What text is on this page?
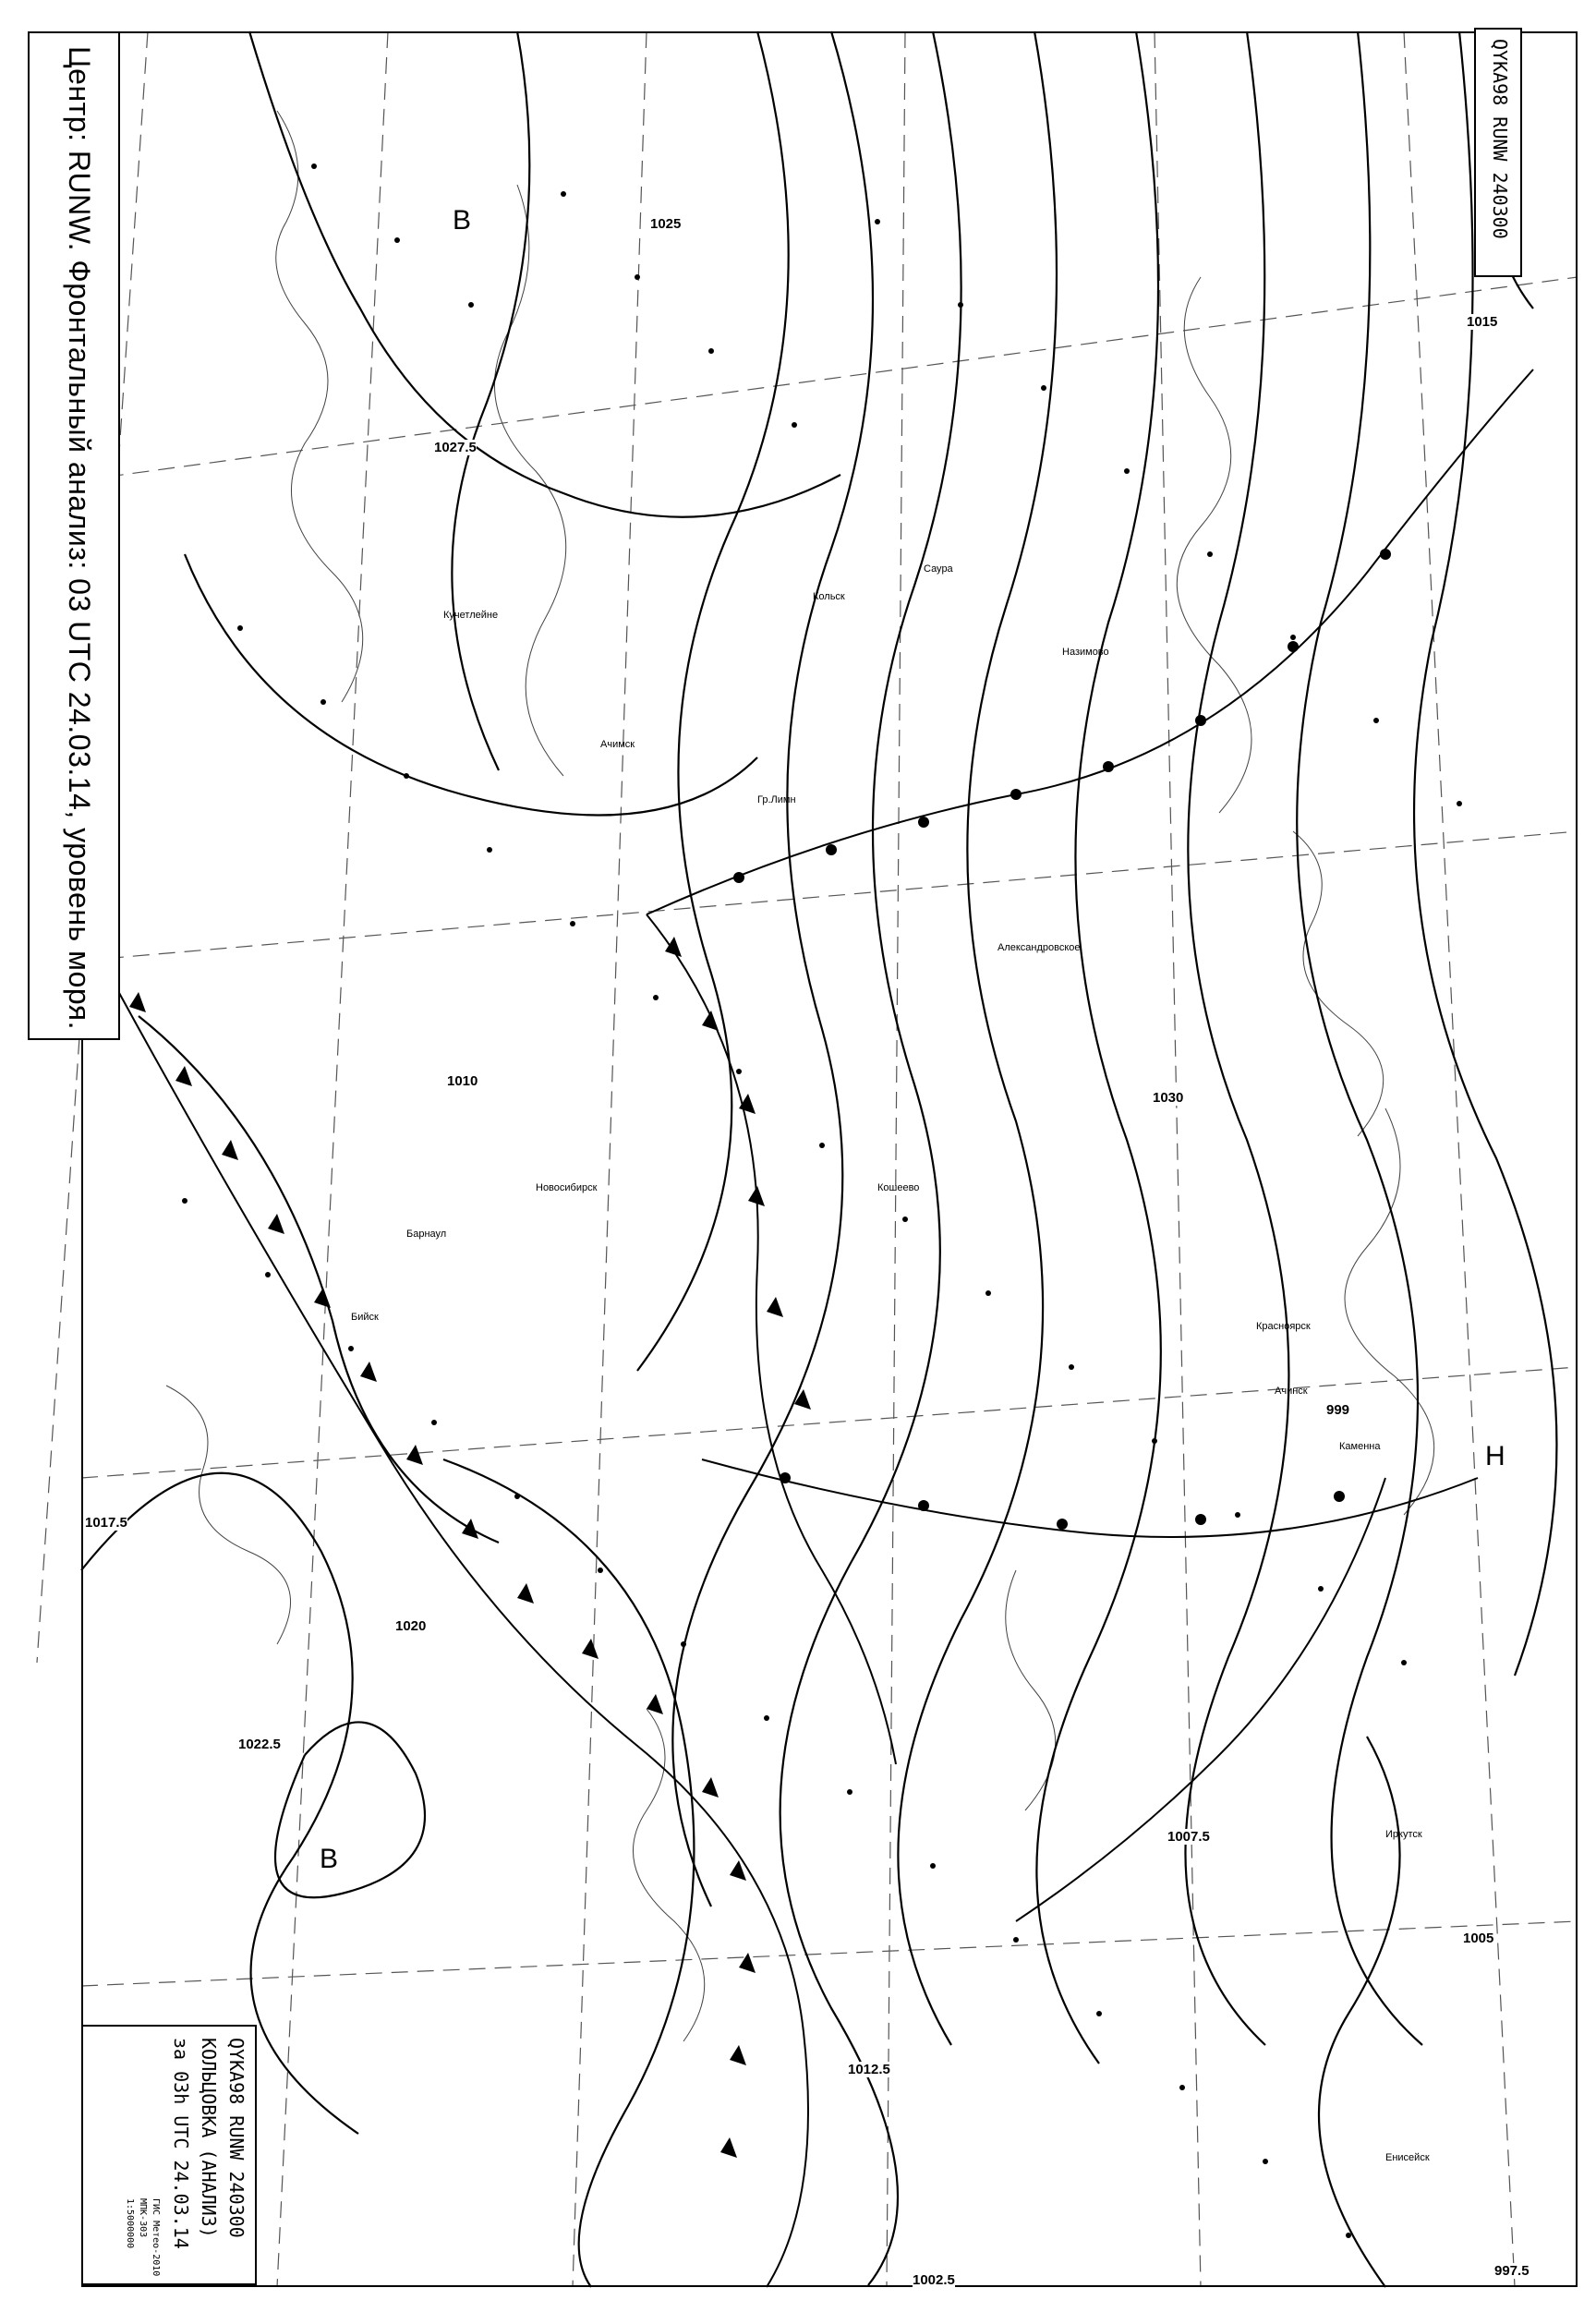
1027.5
1017.5
1020
1022.5
1012.5
1005
1015
1010
1025
999
1007.5
1030
997.5
1002.5
В
В
Н
Саура
Кучетлейне
Ачимск
Кольск
Александровское
Кошеево
Новосибирск
Барнаул
Бийск
Красноярск
Иркутск
Гр.Лимн
Ачинск
Каменна
Енисейск
Назимово
Центр: RUNW. Фронтальный анализ: 03 UTC 24.03.14, уровень моря.	QYKA98 RUNW 240300
QYKA98 RUNW 240300
КОЛЬЦОВКА (АНАЛИЗ)
за 03h UTC 24.03.14
ГИС Метео-2010
МПК-303
1:5000000
